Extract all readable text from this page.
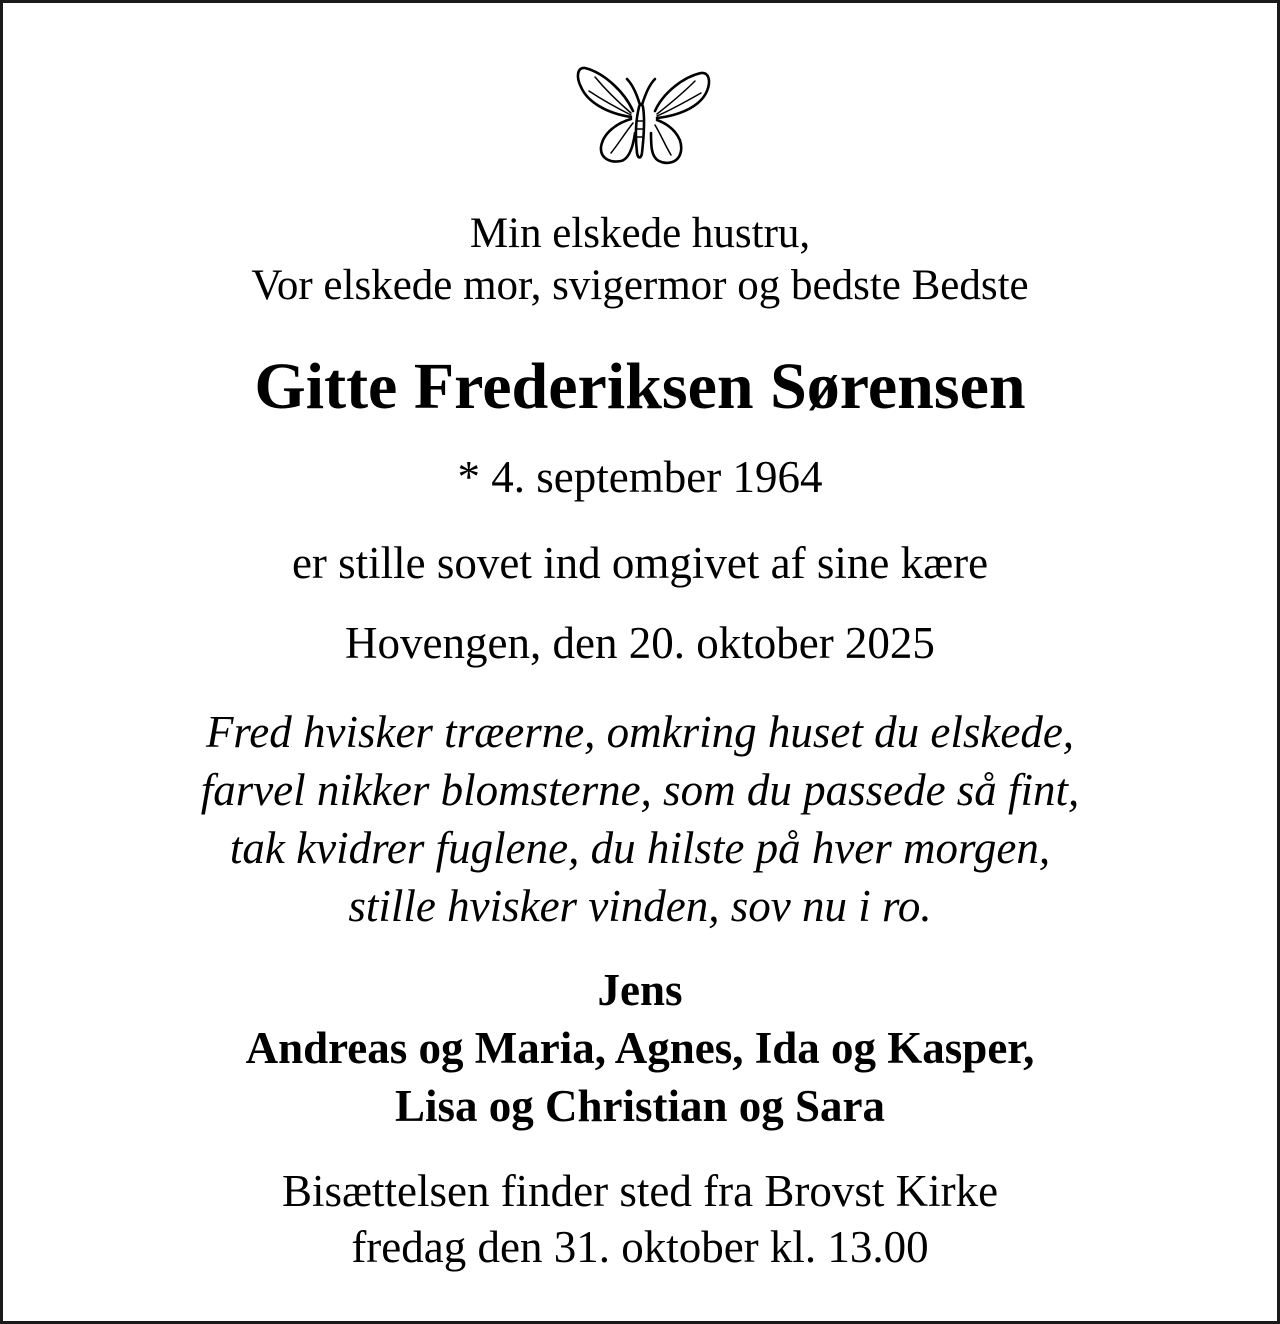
Min elskede hustru,
Vor elskede mor, svigermor og bedste Bedste

Gitte Frederiksen Sørensen

* 4. september 1964

er stille sovet ind omgivet af sine kære

Hovengen, den 20. oktober 2025

Fred hvisker træerne, omkring huset du elskede,
farvel nikker blomsterne, som du passede så fint,
tak kvidrer fuglene, du hilste på hver morgen,
stille hvisker vinden, sov nu i ro.

Jens
Andreas og Maria, Agnes, Ida og Kasper,
Lisa og Christian og Sara

Bisættelsen finder sted fra Brovst Kirke
fredag den 31. oktober kl. 13.00
